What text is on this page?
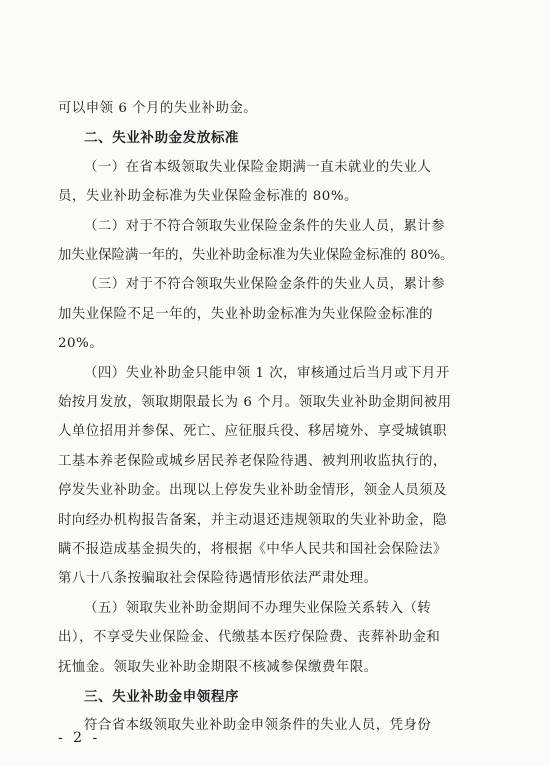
可以申领 6 个月的失业补助金。
二、失业补助金发放标准
（一）在省本级领取失业保险金期满一直未就业的失业人
员，失业补助金标准为失业保险金标准的 80%。
（二）对于不符合领取失业保险金条件的失业人员，累计参
加失业保险满一年的，失业补助金标准为失业保险金标准的 80%。
（三）对于不符合领取失业保险金条件的失业人员，累计参
加失业保险不足一年的，失业补助金标准为失业保险金标准的
20%。
（四）失业补助金只能申领 1 次，审核通过后当月或下月开
始按月发放，领取期限最长为 6 个月。领取失业补助金期间被用
人单位招用并参保、死亡、应征服兵役、移居境外、享受城镇职
工基本养老保险或城乡居民养老保险待遇、被判刑收监执行的，
停发失业补助金。出现以上停发失业补助金情形，领金人员须及
时向经办机构报告备案，并主动退还违规领取的失业补助金，隐
瞒不报造成基金损失的，将根据《中华人民共和国社会保险法》
第八十八条按骗取社会保险待遇情形依法严肃处理。
（五）领取失业补助金期间不办理失业保险关系转入（转
出），不享受失业保险金、代缴基本医疗保险费、丧葬补助金和
抚恤金。领取失业补助金期限不核减参保缴费年限。
三、失业补助金申领程序
符合省本级领取失业补助金申领条件的失业人员，凭身份
- 2 -
